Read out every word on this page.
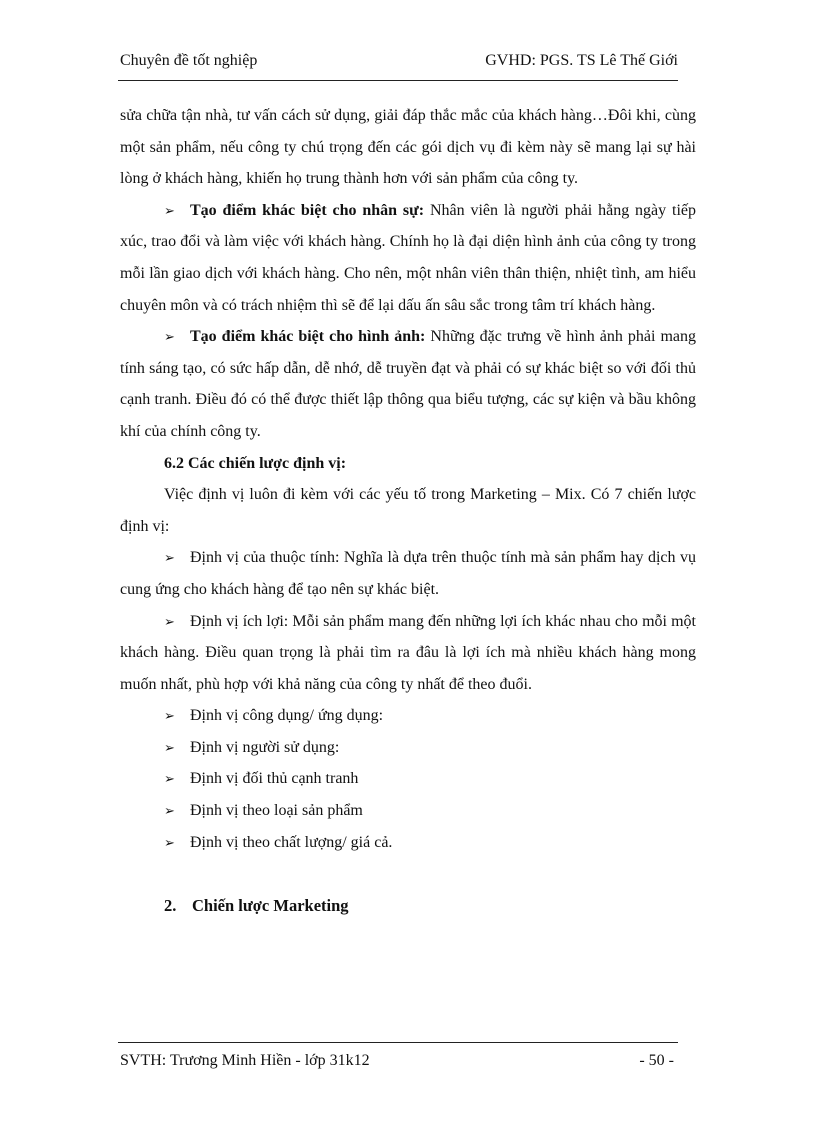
Chuyên đề tốt nghiệp	GVHD: PGS. TS Lê Thế Giới

sửa chữa tận nhà, tư vấn cách sử dụng, giải đáp thắc mắc của khách hàng…Đôi khi, cùng một sản phẩm, nếu công ty chú trọng đến các gói dịch vụ đi kèm này sẽ mang lại sự hài lòng ở khách hàng, khiến họ trung thành hơn với sản phẩm của công ty.

➢ Tạo điểm khác biệt cho nhân sự: Nhân viên là người phải hằng ngày tiếp xúc, trao đổi và làm việc với khách hàng. Chính họ là đại diện hình ảnh của công ty trong mỗi lần giao dịch với khách hàng. Cho nên, một nhân viên thân thiện, nhiệt tình, am hiểu chuyên môn và có trách nhiệm thì sẽ để lại dấu ấn sâu sắc trong tâm trí khách hàng.

➢ Tạo điểm khác biệt cho hình ảnh: Những đặc trưng về hình ảnh phải mang tính sáng tạo, có sức hấp dẫn, dễ nhớ, dễ truyền đạt và phải có sự khác biệt so với đối thủ cạnh tranh. Điều đó có thể được thiết lập thông qua biểu tượng, các sự kiện và bầu không khí của chính công ty.

6.2 Các chiến lược định vị:

Việc định vị luôn đi kèm với các yếu tố trong Marketing – Mix. Có 7 chiến lược định vị:

➢ Định vị của thuộc tính: Nghĩa là dựa trên thuộc tính mà sản phẩm hay dịch vụ cung ứng cho khách hàng để tạo nên sự khác biệt.

➢ Định vị ích lợi: Mỗi sản phẩm mang đến những lợi ích khác nhau cho mỗi một khách hàng. Điều quan trọng là phải tìm ra đâu là lợi ích mà nhiều khách hàng mong muốn nhất, phù hợp với khả năng của công ty nhất để theo đuổi.

➢ Định vị công dụng/ ứng dụng:

➢ Định vị người sử dụng:

➢ Định vị đối thủ cạnh tranh

➢ Định vị theo loại sản phẩm

➢ Định vị theo chất lượng/ giá cả.

2. Chiến lược Marketing

SVTH: Trương Minh Hiền - lớp 31k12	- 50 -
